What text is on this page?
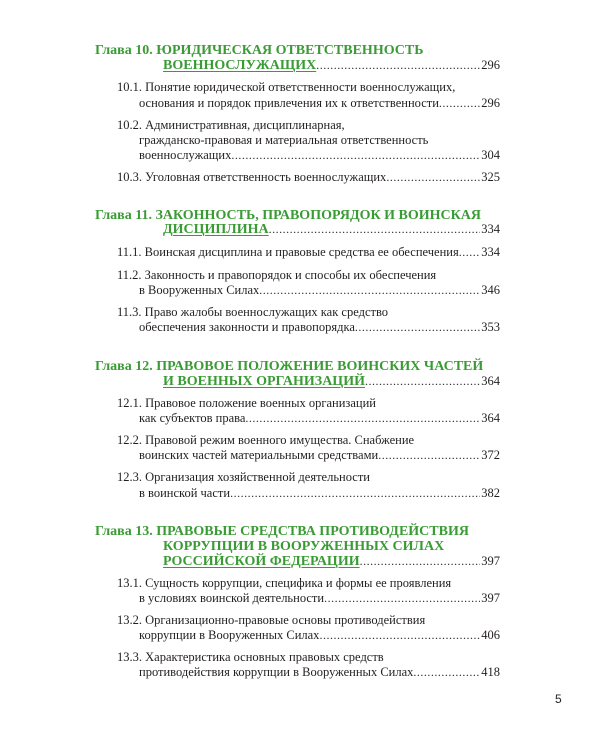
Глава 10. ЮРИДИЧЕСКАЯ ОТВЕТСТВЕННОСТЬ
ВОЕННОСЛУЖАЩИХ .....	296
10.1. Понятие юридической ответственности военнослужащих,
основания и порядок привлечения их к ответственности .....	296
10.2. Административная, дисциплинарная,
гражданско-правовая и материальная ответственность
военнослужащих .....	304
10.3. Уголовная ответственность военнослужащих .....	325
Глава 11. ЗАКОННОСТЬ, ПРАВОПОРЯДОК И ВОИНСКАЯ
ДИСЦИПЛИНА .....	334
11.1. Воинская дисциплина и правовые средства ее обеспечения ..... 334
11.2. Законность и правопорядок и способы их обеспечения
в Вооруженных Силах .....	346
11.3. Право жалобы военнослужащих как средство
обеспечения законности и правопорядка .....	353
Глава 12. ПРАВОВОЕ ПОЛОЖЕНИЕ ВОИНСКИХ ЧАСТЕЙ
И ВОЕННЫХ ОРГАНИЗАЦИЙ .....	364
12.1. Правовое положение военных организаций
как субъектов права .....	364
12.2. Правовой режим военного имущества. Снабжение
воинских частей материальными средствами .....	372
12.3. Организация хозяйственной деятельности
в воинской части .....	382
Глава 13. ПРАВОВЫЕ СРЕДСТВА ПРОТИВОДЕЙСТВИЯ
КОРРУПЦИИ В ВООРУЖЕННЫХ СИЛАХ
РОССИЙСКОЙ ФЕДЕРАЦИИ .....	397
13.1. Сущность коррупции, специфика и формы ее проявления
в условиях воинской деятельности .....	397
13.2. Организационно-правовые основы противодействия
коррупции в Вооруженных Силах .....	406
13.3. Характеристика основных правовых средств
противодействия коррупции в Вооруженных Силах .....	418
5
